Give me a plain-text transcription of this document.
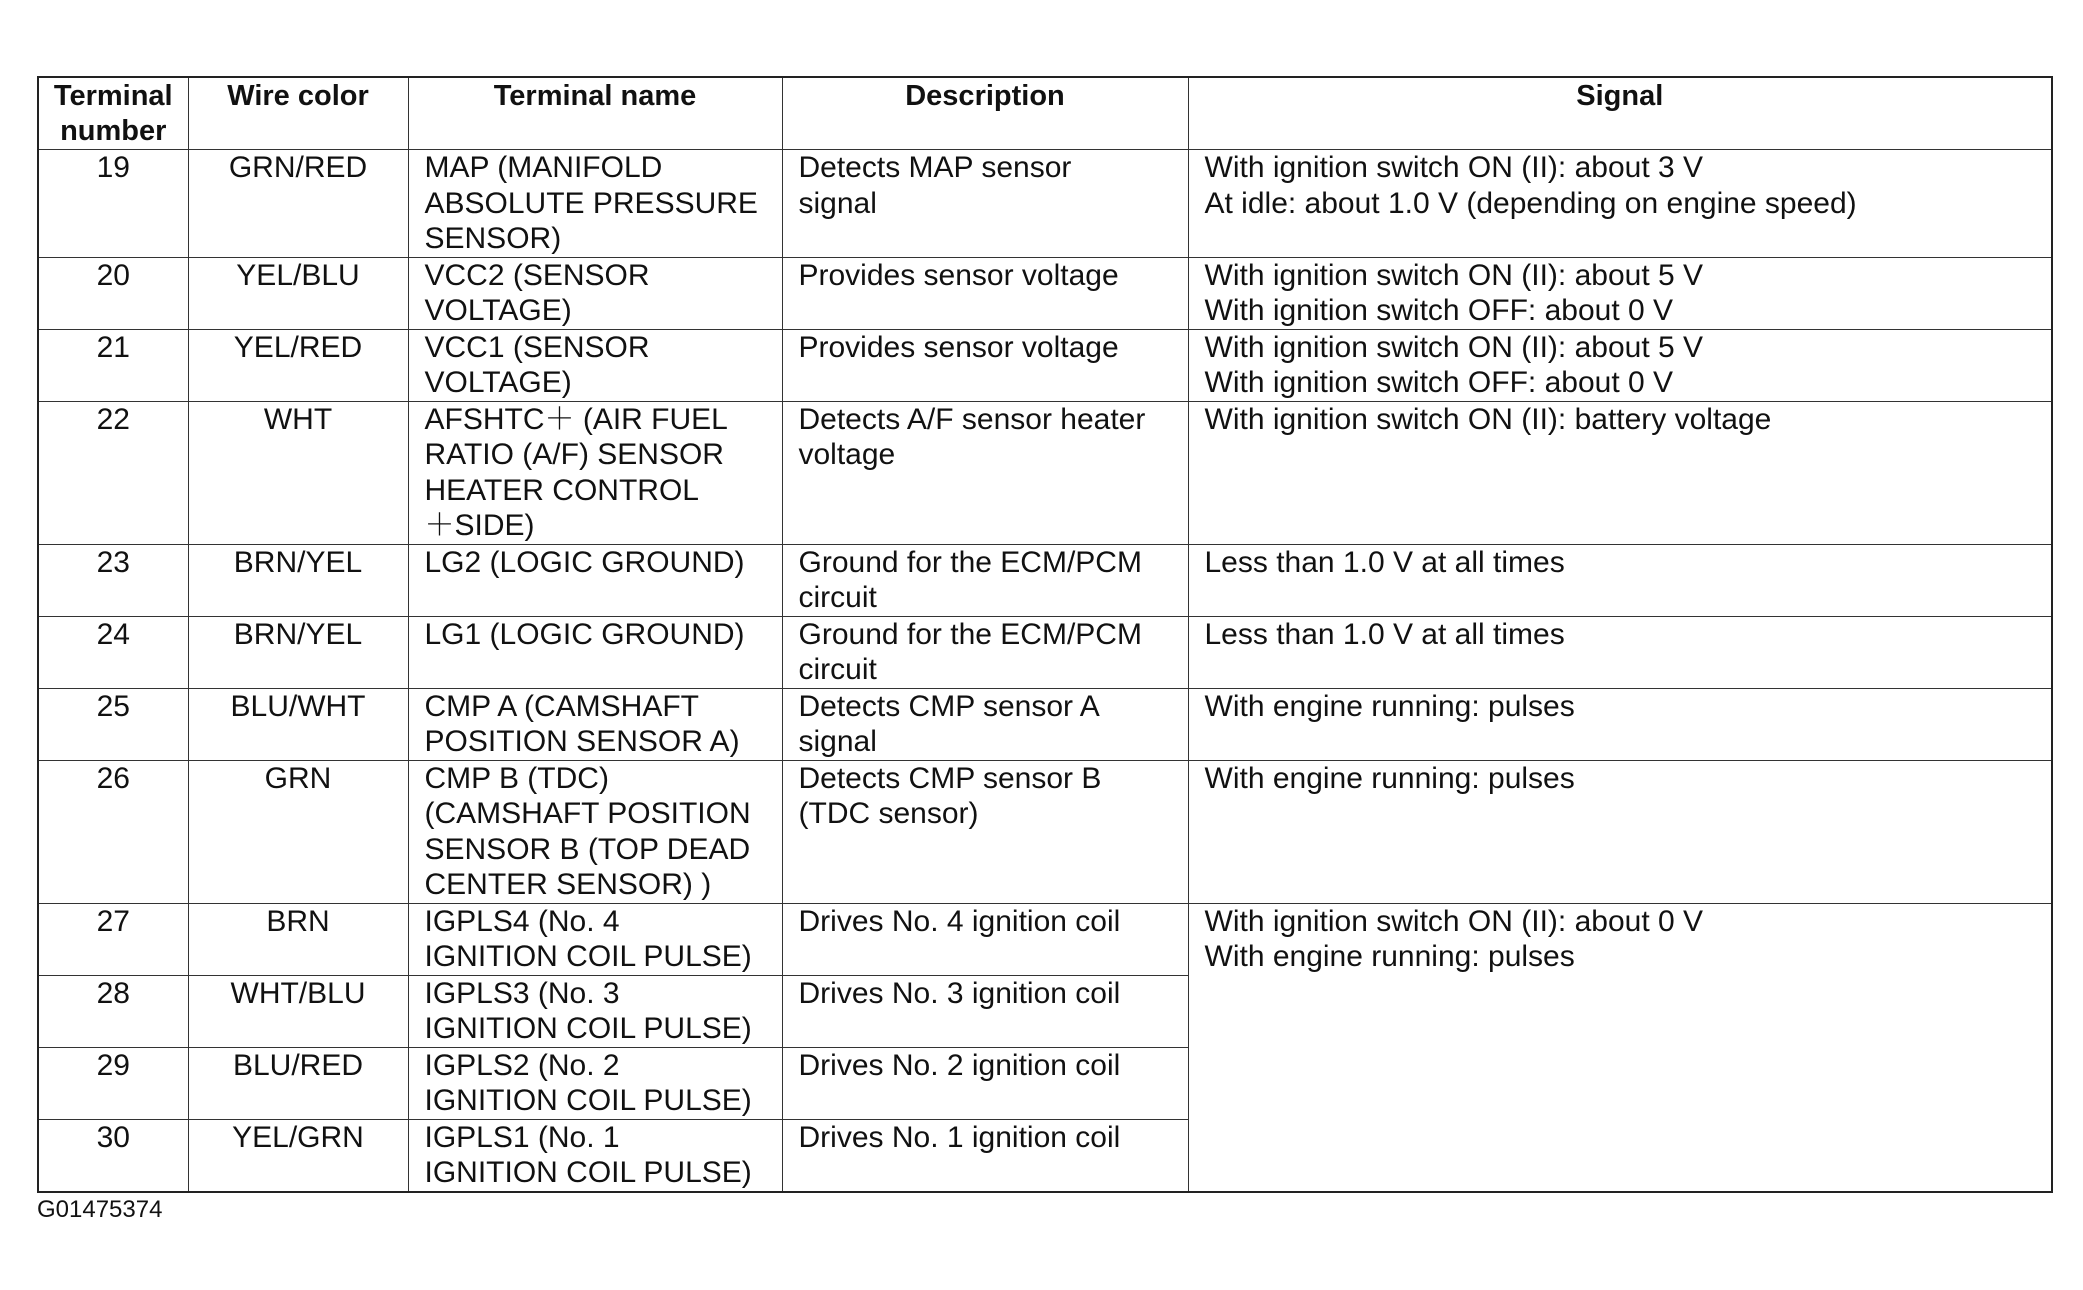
Terminal
number	Wire color	Terminal name	Description	Signal
19	GRN/RED	MAP (MANIFOLD
ABSOLUTE PRESSURE
SENSOR)	Detects MAP sensor
signal	With ignition switch ON (II): about 3 V
At idle: about 1.0 V (depending on engine speed)

20	YEL/BLU	VCC2 (SENSOR
VOLTAGE)	Provides sensor voltage	With ignition switch ON (II): about 5 V
With ignition switch OFF: about 0 V

21	YEL/RED	VCC1 (SENSOR
VOLTAGE)	Provides sensor voltage	With ignition switch ON (II): about 5 V
With ignition switch OFF: about 0 V

22	WHT	AFSHTC＋ (AIR FUEL
RATIO (A/F) SENSOR
HEATER CONTROL
＋SIDE)	Detects A/F sensor heater
voltage	With ignition switch ON (II): battery voltage

23	BRN/YEL	LG2 (LOGIC GROUND)	Ground for the ECM/PCM
circuit	Less than 1.0 V at all times

24	BRN/YEL	LG1 (LOGIC GROUND)	Ground for the ECM/PCM
circuit	Less than 1.0 V at all times

25	BLU/WHT	CMP A (CAMSHAFT
POSITION SENSOR A)	Detects CMP sensor A
signal	With engine running: pulses

26	GRN	CMP B (TDC)
(CAMSHAFT POSITION
SENSOR B (TOP DEAD
CENTER SENSOR) )	Detects CMP sensor B
(TDC sensor)	With engine running: pulses

27	BRN	IGPLS4 (No. 4
IGNITION COIL PULSE)	Drives No. 4 ignition coil	With ignition switch ON (II): about 0 V
With engine running: pulses

28	WHT/BLU	IGPLS3 (No. 3
IGNITION COIL PULSE)	Drives No. 3 ignition coil	

29	BLU/RED	IGPLS2 (No. 2
IGNITION COIL PULSE)	Drives No. 2 ignition coil	

30	YEL/GRN	IGPLS1 (No. 1
IGNITION COIL PULSE)	Drives No. 1 ignition coil	
G01475374
